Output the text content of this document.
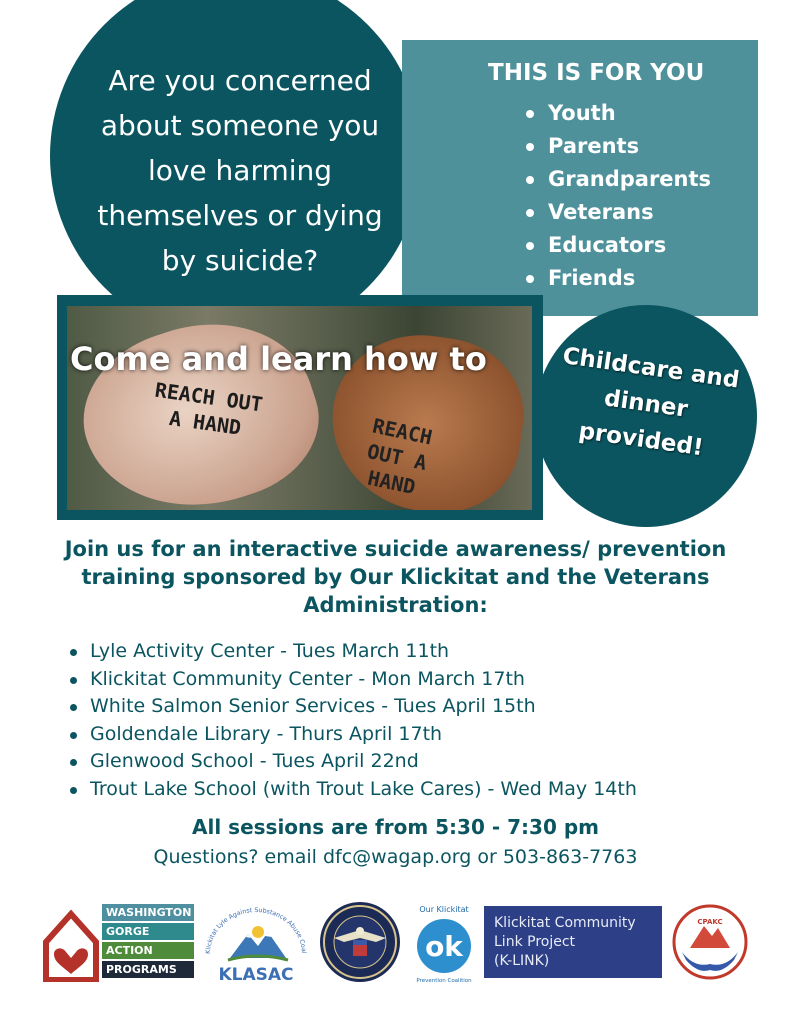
Are you concerned about someone you love harming themselves or dying by suicide?
THIS IS FOR YOU
Youth
Parents
Grandparents
Veterans
Educators
Friends
REACH OUT A HAND	REACH OUT A HAND
Come and learn how to	Childcare and dinner provided!
Join us for an interactive suicide awareness/ prevention training sponsored by Our Klickitat and the Veterans Administration:
Lyle Activity Center - Tues March 11th
Klickitat Community Center - Mon March 17th
White Salmon Senior Services - Tues April 15th
Goldendale Library - Thurs April 17th
Glenwood School - Tues April 22nd
Trout Lake School (with Trout Lake Cares) - Wed May 14th
All sessions are from 5:30 - 7:30 pm
Questions? email dfc@wagap.org or 503-863-7763
WASHINGTON
GORGE
ACTION
PROGRAMS
Klickitat Lyle Against Substance Abuse Coal
KLASAC
Our Klickitat
ok
Prevention Coalition
Klickitat Community
Link Project
(K-LINK)
CPAKC
